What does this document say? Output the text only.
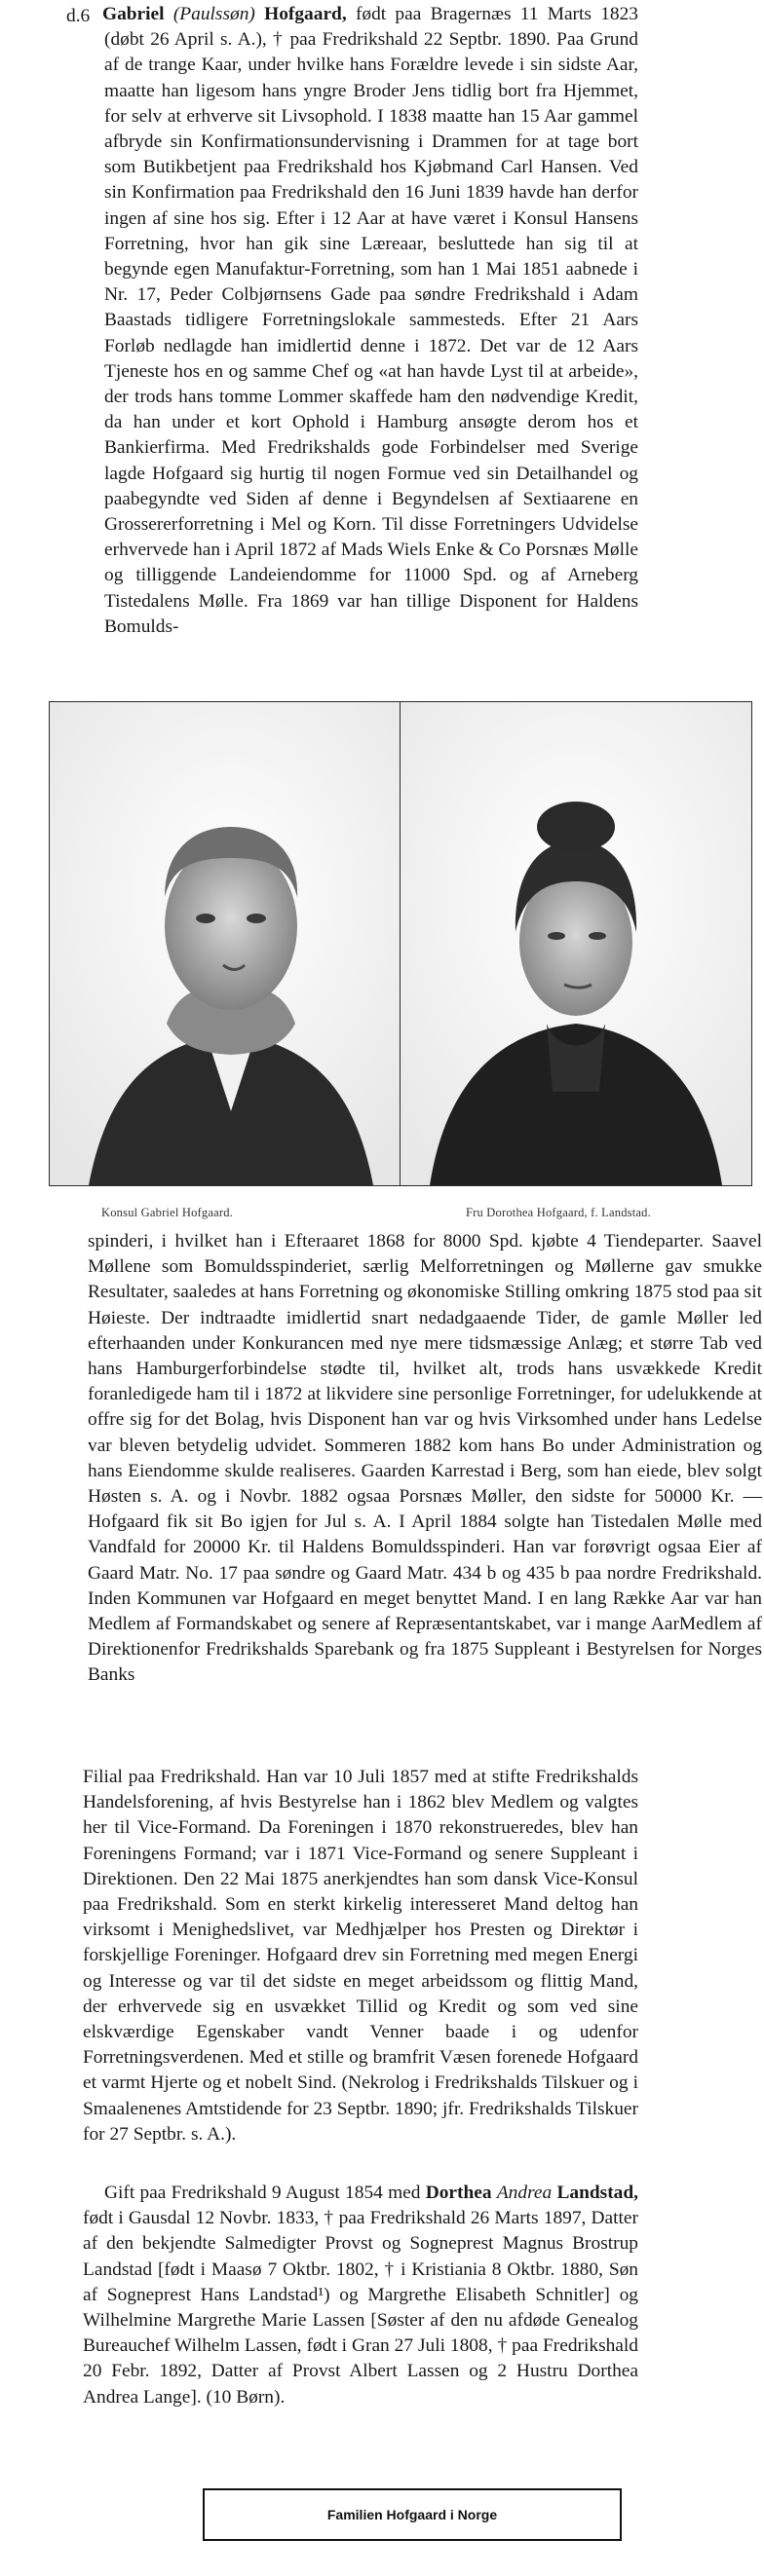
d.6 Gabriel (Paulssøn) Hofgaard, født paa Bragernæs 11 Marts 1823 (døbt 26 April s. A.), † paa Fredrikshald 22 Septbr. 1890. Paa Grund af de trange Kaar, under hvilke hans Forældre levede i sin sidste Aar, maatte han ligesom hans yngre Broder Jens tidlig bort fra Hjemmet, for selv at erhverve sit Livsophold. I 1838 maatte han 15 Aar gammel afbryde sin Konfirmationsundervisning i Drammen for at tage bort som Butikbetjent paa Fredrikshald hos Kjøbmand Carl Hansen. Ved sin Konfirmation paa Fredrikshald den 16 Juni 1839 havde han derfor ingen af sine hos sig. Efter i 12 Aar at have været i Konsul Hansens Forretning, hvor han gik sine Læreaar, besluttede han sig til at begynde egen Manufaktur-Forretning, som han 1 Mai 1851 aabnede i Nr. 17, Peder Colbjørnsens Gade paa søndre Fredrikshald i Adam Baastads tidligere Forretningslokale sammesteds. Efter 21 Aars Forløb nedlagde han imidlertid denne i 1872. Det var de 12 Aars Tjeneste hos en og samme Chef og «at han havde Lyst til at arbeide», der trods hans tomme Lommer skaffede ham den nødvendige Kredit, da han under et kort Ophold i Hamburg ansøgte derom hos et Bankierfirma. Med Fredrikshalds gode Forbindelser med Sverige lagde Hofgaard sig hurtig til nogen Formue ved sin Detailhandel og paabegyndte ved Siden af denne i Begyndelsen af Sextiaarene en Grossererforretning i Mel og Korn. Til disse Forretningers Udvidelse erhvervede han i April 1872 af Mads Wiels Enke & Co Porsnæs Mølle og tilliggende Landeiendomme for 11000 Spd. og af Arneberg Tistedalens Mølle. Fra 1869 var han tillige Disponent for Haldens Bomulds-

Konsul Gabriel Hofgaard.	Fru Dorothea Hofgaard, f. Landstad.

spinderi, i hvilket han i Efteraaret 1868 for 8000 Spd. kjøbte 4 Tiendeparter. Saavel Møllene som Bomuldsspinderiet, særlig Melforretningen og Møllerne gav smukke Resultater, saaledes at hans Forretning og økonomiske Stilling omkring 1875 stod paa sit Høieste. Der indtraadte imidlertid snart nedadgaaende Tider, de gamle Møller led efterhaanden under Konkurancen med nye mere tidsmæssige Anlæg; et større Tab ved hans Hamburgerforbindelse stødte til, hvilket alt, trods hans usvækkede Kredit foranledigede ham til i 1872 at likvidere sine personlige Forretninger, for udelukkende at offre sig for det Bolag, hvis Disponent han var og hvis Virksomhed under hans Ledelse var bleven betydelig udvidet. Sommeren 1882 kom hans Bo under Administration og hans Eiendomme skulde realiseres. Gaarden Karrestad i Berg, som han eiede, blev solgt Høsten s. A. og i Novbr. 1882 ogsaa Porsnæs Møller, den sidste for 50000 Kr. — Hofgaard fik sit Bo igjen for Jul s. A. I April 1884 solgte han Tistedalen Mølle med Vandfald for 20000 Kr. til Haldens Bomuldsspinderi. Han var forøvrigt ogsaa Eier af Gaard Matr. No. 17 paa søndre og Gaard Matr. 434 b og 435 b paa nordre Fredrikshald. Inden Kommunen var Hofgaard en meget benyttet Mand. I en lang Række Aar var han Medlem af Formandskabet og senere af Repræsentantskabet, var i mange AarMedlem af Direktionenfor Fredrikshalds Sparebank og fra 1875 Suppleant i Bestyrelsen for Norges Banks

Filial paa Fredrikshald. Han var 10 Juli 1857 med at stifte Fredrikshalds Handelsforening, af hvis Bestyrelse han i 1862 blev Medlem og valgtes her til Vice-Formand. Da Foreningen i 1870 rekonstrueredes, blev han Foreningens Formand; var i 1871 Vice-Formand og senere Suppleant i Direktionen. Den 22 Mai 1875 anerkjendtes han som dansk Vice-Konsul paa Fredrikshald. Som en sterkt kirkelig interesseret Mand deltog han virksomt i Menighedslivet, var Medhjælper hos Presten og Direktør i forskjellige Foreninger. Hofgaard drev sin Forretning med megen Energi og Interesse og var til det sidste en meget arbeidssom og flittig Mand, der erhvervede sig en usvækket Tillid og Kredit og som ved sine elskværdige Egenskaber vandt Venner baade i og udenfor Forretningsverdenen. Med et stille og bramfrit Væsen forenede Hofgaard et varmt Hjerte og et nobelt Sind. (Nekrolog i Fredrikshalds Tilskuer og i Smaalenenes Amtstidende for 23 Septbr. 1890; jfr. Fredrikshalds Tilskuer for 27 Septbr. s. A.).

Gift paa Fredrikshald 9 August 1854 med Dorthea Andrea Landstad, født i Gausdal 12 Novbr. 1833, † paa Fredrikshald 26 Marts 1897, Datter af den bekjendte Salmedigter Provst og Sogneprest Magnus Brostrup Landstad [født i Maasø 7 Oktbr. 1802, † i Kristiania 8 Oktbr. 1880, Søn af Sogneprest Hans Landstad¹) og Margrethe Elisabeth Schnitler] og Wilhelmine Margrethe Marie Lassen [Søster af den nu afdøde Genealog Bureauchef Wilhelm Lassen, født i Gran 27 Juli 1808, † paa Fredrikshald 20 Febr. 1892, Datter af Provst Albert Lassen og 2 Hustru Dorthea Andrea Lange]. (10 Børn).

Familien Hofgaard i Norge
